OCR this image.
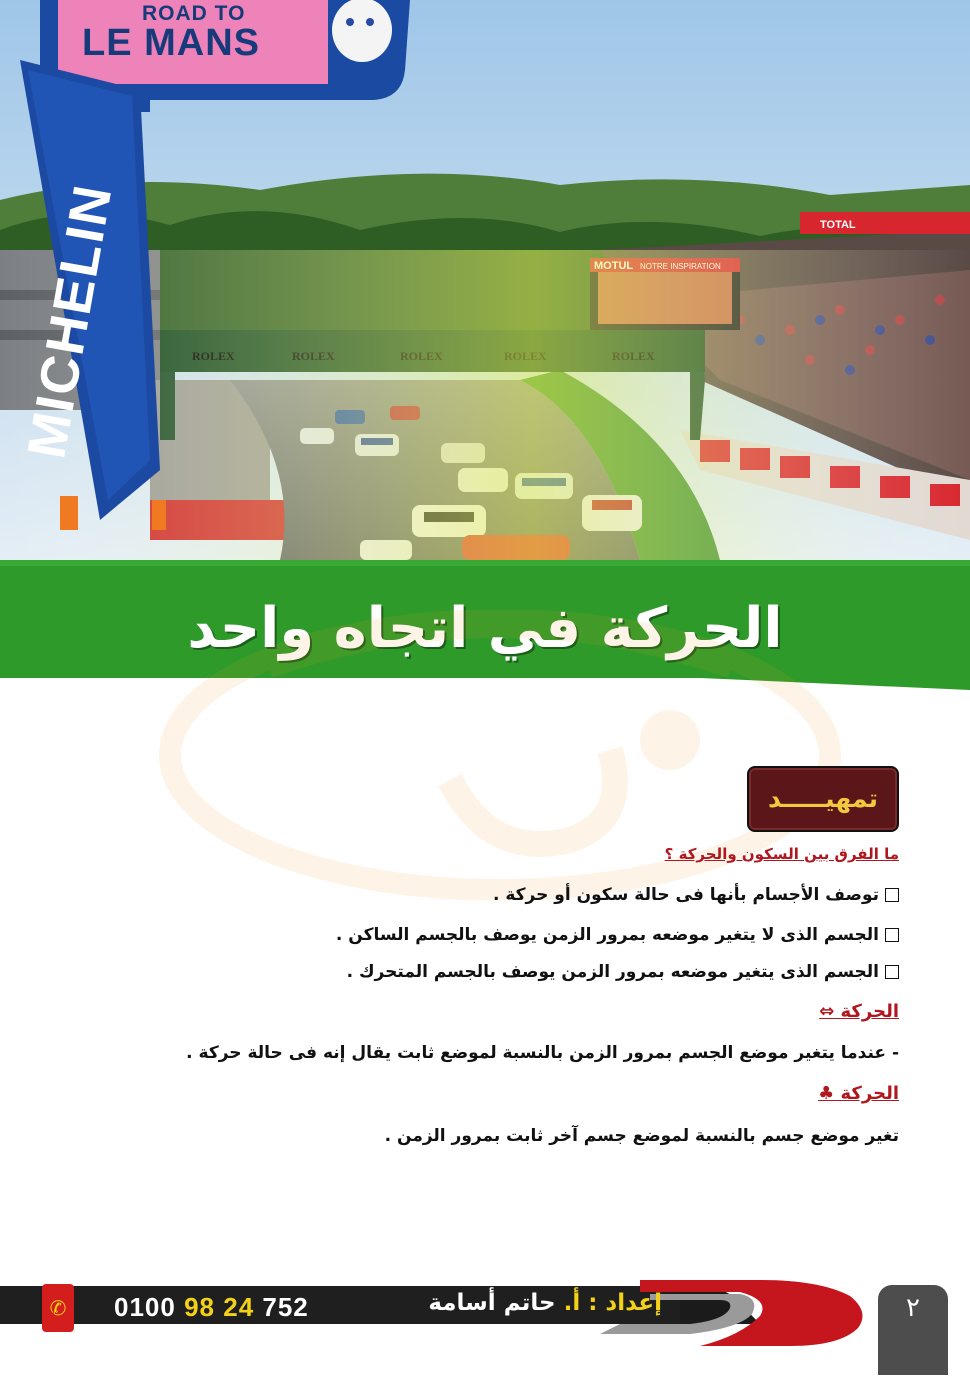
TOTAL
ROAD TO
LE MANS
MICHELIN
الحركة في اتجاه واحد
تمهيـــــد
ما الفرق بين السكون والحركة ؟
توصف الأجسام بأنها فى حالة سكون أو حركة .
الجسم الذى لا يتغير موضعه بمرور الزمن يوصف بالجسم الساكن .
الجسم الذى يتغير موضعه بمرور الزمن يوصف بالجسم المتحرك .
الحركة ⇔
- عندما يتغير موضع الجسم بمرور الزمن بالنسبة لموضع ثابت يقال إنه فى حالة حركة .
الحركة ♣
تغير موضع جسم بالنسبة لموضع جسم آخر ثابت بمرور الزمن .
✆ 0100 98 24 752	إعداد : أ. حاتم أسامة	٢
